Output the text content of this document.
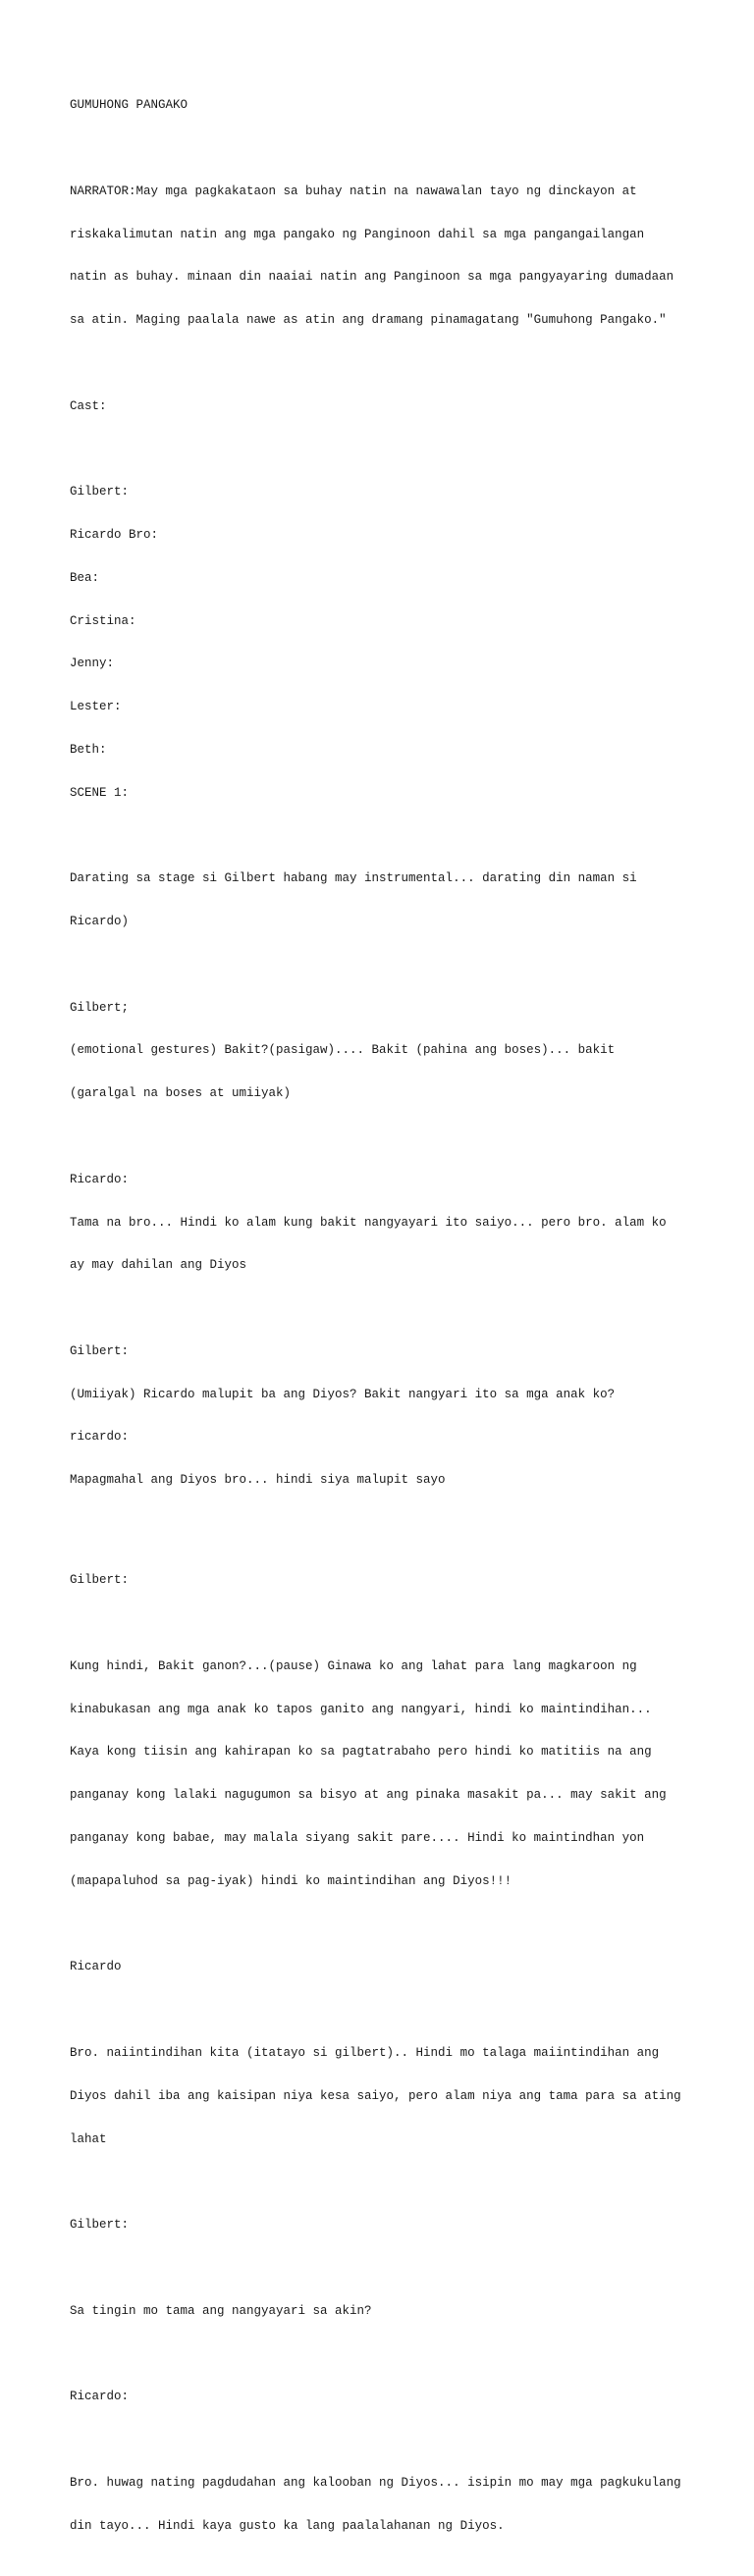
GUMUHONG PANGAKO

NARRATOR:May mga pagkakataon sa buhay natin na nawawalan tayo ng dinckayon at

riskakalimutan natin ang mga pangako ng Panginoon dahil sa mga pangangailangan

natin as buhay. minaan din naaiai natin ang Panginoon sa mga pangyayaring dumadaan

sa atin. Maging paalala nawe as atin ang dramang pinamagatang "Gumuhong Pangako."

Cast:

Gilbert:

Ricardo Bro:

Bea:

Cristina:

Jenny:

Lester:

Beth:

SCENE 1:

Darating sa stage si Gilbert habang may instrumental... darating din naman si

Ricardo)

Gilbert;

(emotional gestures) Bakit?(pasigaw).... Bakit (pahina ang boses)... bakit

(garalgal na boses at umiiyak)

Ricardo:

Tama na bro... Hindi ko alam kung bakit nangyayari ito saiyo... pero bro. alam ko

ay may dahilan ang Diyos

Gilbert:

(Umiiyak) Ricardo malupit ba ang Diyos? Bakit nangyari ito sa mga anak ko?

ricardo:

Mapagmahal ang Diyos bro... hindi siya malupit sayo

Gilbert:

Kung hindi, Bakit ganon?...(pause) Ginawa ko ang lahat para lang magkaroon ng

kinabukasan ang mga anak ko tapos ganito ang nangyari, hindi ko maintindihan...

Kaya kong tiisin ang kahirapan ko sa pagtatrabaho pero hindi ko matitiis na ang

panganay kong lalaki nagugumon sa bisyo at ang pinaka masakit pa... may sakit ang

panganay kong babae, may malala siyang sakit pare.... Hindi ko maintindhan yon

(mapapaluhod sa pag-iyak) hindi ko maintindihan ang Diyos!!!

Ricardo

Bro. naiintindihan kita (itatayo si gilbert).. Hindi mo talaga maiintindihan ang

Diyos dahil iba ang kaisipan niya kesa saiyo, pero alam niya ang tama para sa ating

lahat

Gilbert:

Sa tingin mo tama ang nangyayari sa akin?

Ricardo:

Bro. huwag nating pagdudahan ang kalooban ng Diyos... isipin mo may mga pagkukulang

din tayo... Hindi kaya gusto ka lang paalalahanan ng Diyos.
